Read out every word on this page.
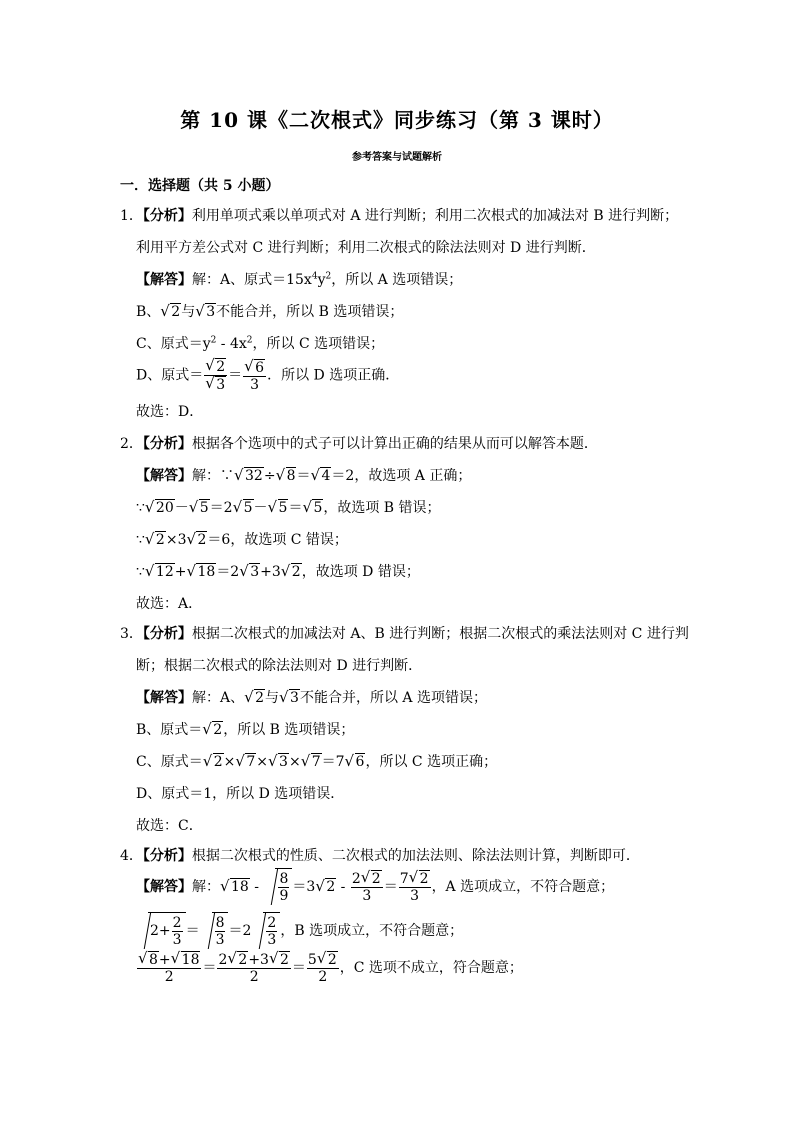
第 10 课《二次根式》同步练习（第 3 课时）
参考答案与试题解析
一．选择题（共 5 小题）
1．【分析】利用单项式乘以单项式对 A 进行判断；利用二次根式的加减法对 B 进行判断；
利用平方差公式对 C 进行判断；利用二次根式的除法法则对 D 进行判断．
【解答】解：A、原式$=15x^4y^2$，所以 A 选项错误；
B、√ 2与√ 3不能合并，所以 B 选项错误；
C、原式$=y^2 - 4x^2$，所以 C 选项错误；
D、原式＝
√ 2
√ 3 ＝
√ $\frac{6}{3}$ ．所以 D 选项正确．
故选：D．
2．【分析】根据各个选项中的式子可以计算出正确的结果从而可以解答本题．
【解答】解：∵√ 32÷√ 8＝√ 4＝2，故选项 A 正确；
∵√ 20－√ 5＝2√ 5－√ 5＝√ 5，故选项 B 错误；
∵√ 2×3√ 2＝6，故选项 C 错误；
∵√ 12+√ 18＝2√ 3+3√ 2，故选项 D 错误；
故选：A．
3．【分析】根据二次根式的加减法对 A、B 进行判断；根据二次根式的乘法法则对 C 进行判
断；根据二次根式的除法法则对 D 进行判断．
【解答】解：A、√ 2与√ 3不能合并，所以 A 选项错误；
B、原式＝√ 2，所以 B 选项错误；
C、原式＝√ 2×√ 7×√ 3×√ 7＝7√ 6，所以 C 选项正确；
D、原式＝1，所以 D 选项错误．
故选：C．
4．【分析】根据二次根式的性质、二次根式的加法法则、除法法则计算，判断即可．
【解答】解：√ $18 - \frac{8}{9} =3√$ $2 - \frac{2√ 2}{3} = \frac{7√ 2}{3}$ ，A 选项成立，不符合题意；
$2+ \frac{2}{3} = \frac{8}{3} =2 \frac{2}{3}$ ，B 选项成立，不符合题意；
√ $\frac{8+√ 18}{2} = \frac{2√ 2+3√ 2}{2} = \frac{5√ 2}{2}$ ，C 选项不成立，符合题意；
